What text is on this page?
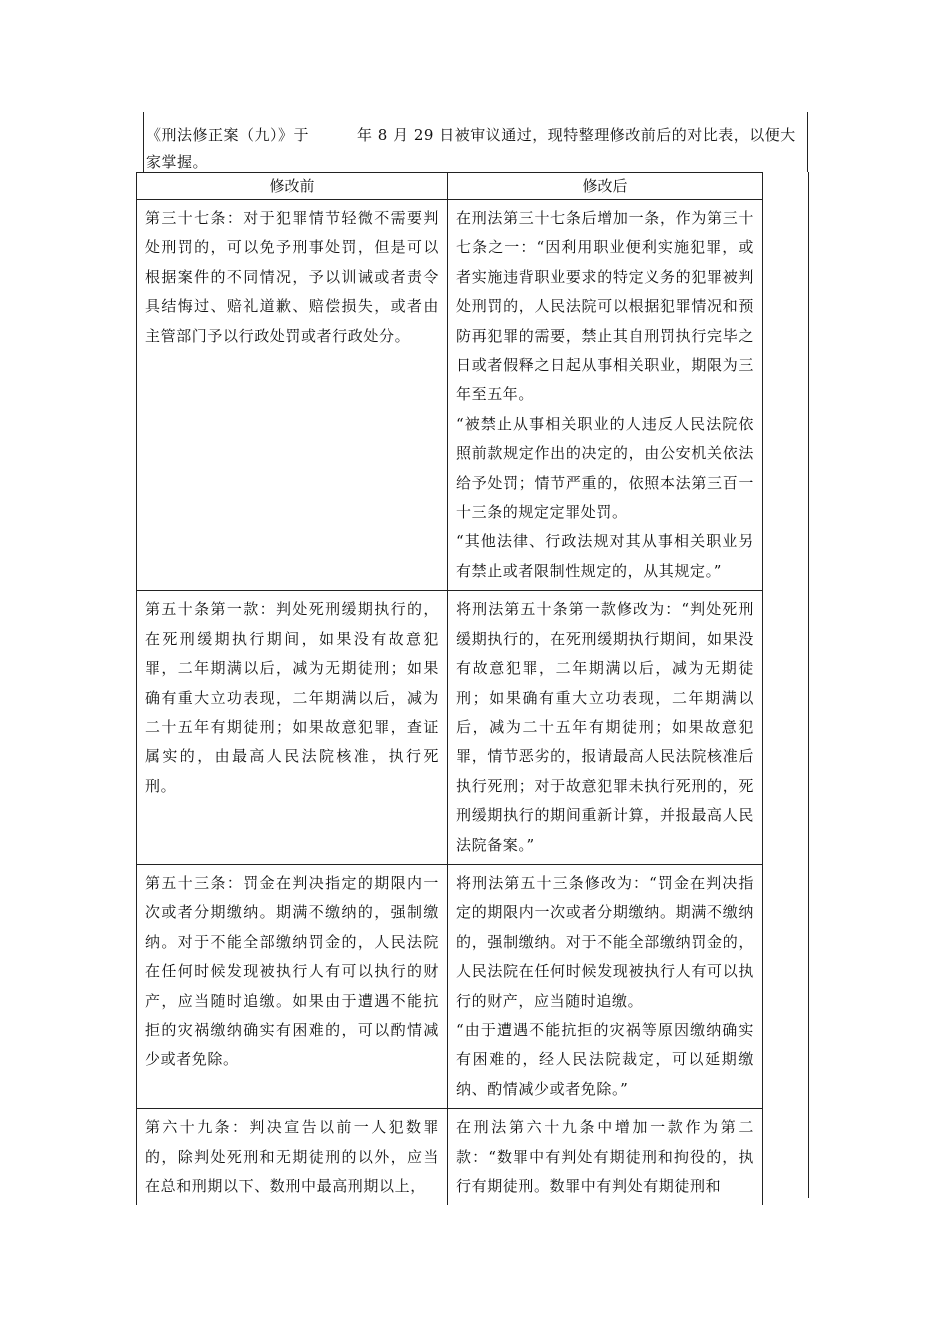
《刑法修正案（九）》于	年 8 月 29 日被审议通过，现特整理修改前后的对比表，以便大家掌握。
修改前	修改后
第三十七条：对于犯罪情节轻微不需要判处刑罚的，可以免予刑事处罚，但是可以根据案件的不同情况，予以训诫或者责令具结悔过、赔礼道歉、赔偿损失，或者由主管部门予以行政处罚或者行政处分。	在刑法第三十七条后增加一条，作为第三十七条之一：“因利用职业便利实施犯罪，或者实施违背职业要求的特定义务的犯罪被判处刑罚的，人民法院可以根据犯罪情况和预防再犯罪的需要，禁止其自刑罚执行完毕之日或者假释之日起从事相关职业，期限为三年至五年。
“被禁止从事相关职业的人违反人民法院依照前款规定作出的决定的，由公安机关依法给予处罚；情节严重的，依照本法第三百一十三条的规定定罪处罚。
“其他法律、行政法规对其从事相关职业另有禁止或者限制性规定的，从其规定。”

第五十条第一款：判处死刑缓期执行的，在死刑缓期执行期间，如果没有故意犯罪，二年期满以后，减为无期徒刑；如果确有重大立功表现，二年期满以后，减为二十五年有期徒刑；如果故意犯罪，查证属实的，由最高人民法院核准，执行死刑。	将刑法第五十条第一款修改为：“判处死刑缓期执行的，在死刑缓期执行期间，如果没有故意犯罪，二年期满以后，减为无期徒刑；如果确有重大立功表现，二年期满以后，减为二十五年有期徒刑；如果故意犯罪，情节恶劣的，报请最高人民法院核准后执行死刑；对于故意犯罪未执行死刑的，死刑缓期执行的期间重新计算，并报最高人民法院备案。”

第五十三条：罚金在判决指定的期限内一次或者分期缴纳。期满不缴纳的，强制缴纳。对于不能全部缴纳罚金的，人民法院在任何时候发现被执行人有可以执行的财产，应当随时追缴。如果由于遭遇不能抗拒的灾祸缴纳确实有困难的，可以酌情减少或者免除。	将刑法第五十三条修改为：“罚金在判决指定的期限内一次或者分期缴纳。期满不缴纳的，强制缴纳。对于不能全部缴纳罚金的，人民法院在任何时候发现被执行人有可以执行的财产，应当随时追缴。
“由于遭遇不能抗拒的灾祸等原因缴纳确实有困难的，经人民法院裁定，可以延期缴纳、酌情减少或者免除。”

第六十九条：判决宣告以前一人犯数罪的，除判处死刑和无期徒刑的以外，应当在总和刑期以下、数刑中最高刑期以上，	在刑法第六十九条中增加一款作为第二款：“数罪中有判处有期徒刑和拘役的，执行有期徒刑。数罪中有判处有期徒刑和
